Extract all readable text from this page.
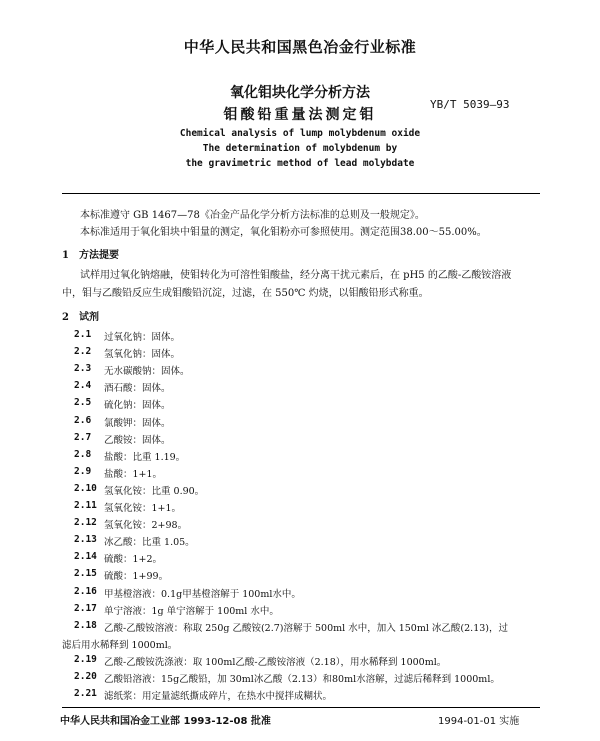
中华人民共和国黑色冶金行业标准
氧化钼块化学分析方法
钼酸铅重量法测定钼
YB/T 5039—93
Chemical analysis of lump molybdenum oxide
The determination of molybdenum by
the gravimetric method of lead molybdate
本标准遵守 GB 1467—78《冶金产品化学分析方法标准的总则及一般规定》。
本标准适用于氧化钼块中钼量的测定，氧化钼粉亦可参照使用。测定范围38.00～55.00%。
1　方法提要
试样用过氧化钠熔融，使钼转化为可溶性钼酸盐，经分离干扰元素后，在 pH5 的乙酸-乙酸铵溶液
中，钼与乙酸铅反应生成钼酸铅沉淀，过滤，在 550℃ 灼烧，以钼酸铅形式称重。
2　试剂
2.1 过氧化钠：固体。
2.2 氢氧化钠：固体。
2.3 无水碳酸钠：固体。
2.4 酒石酸：固体。
2.5 硫化钠：固体。
2.6 氯酸钾：固体。
2.7 乙酸铵：固体。
2.8 盐酸：比重 1.19。
2.9 盐酸：1+1。
2.10 氢氧化铵：比重 0.90。
2.11 氢氧化铵：1+1。
2.12 氢氧化铵：2+98。
2.13 冰乙酸：比重 1.05。
2.14 硫酸：1+2。
2.15 硫酸：1+99。
2.16 甲基橙溶液：0.1g甲基橙溶解于 100ml水中。
2.17 单宁溶液：1g 单宁溶解于 100ml 水中。
2.18 乙酸-乙酸铵溶液：称取 250g 乙酸铵(2.7)溶解于 500ml 水中，加入 150ml 冰乙酸(2.13)，过
滤后用水稀释到 1000ml。
2.19 乙酸-乙酸铵洗涤液：取 100ml乙酸-乙酸铵溶液（2.18），用水稀释到 1000ml。
2.20 乙酸铅溶液：15g乙酸铅，加 30ml冰乙酸（2.13）和80ml水溶解，过滤后稀释到 1000ml。
2.21 滤纸浆：用定量滤纸撕成碎片，在热水中搅拌成糊状。
中华人民共和国冶金工业部 1993-12-08 批准	1994-01-01 实施
